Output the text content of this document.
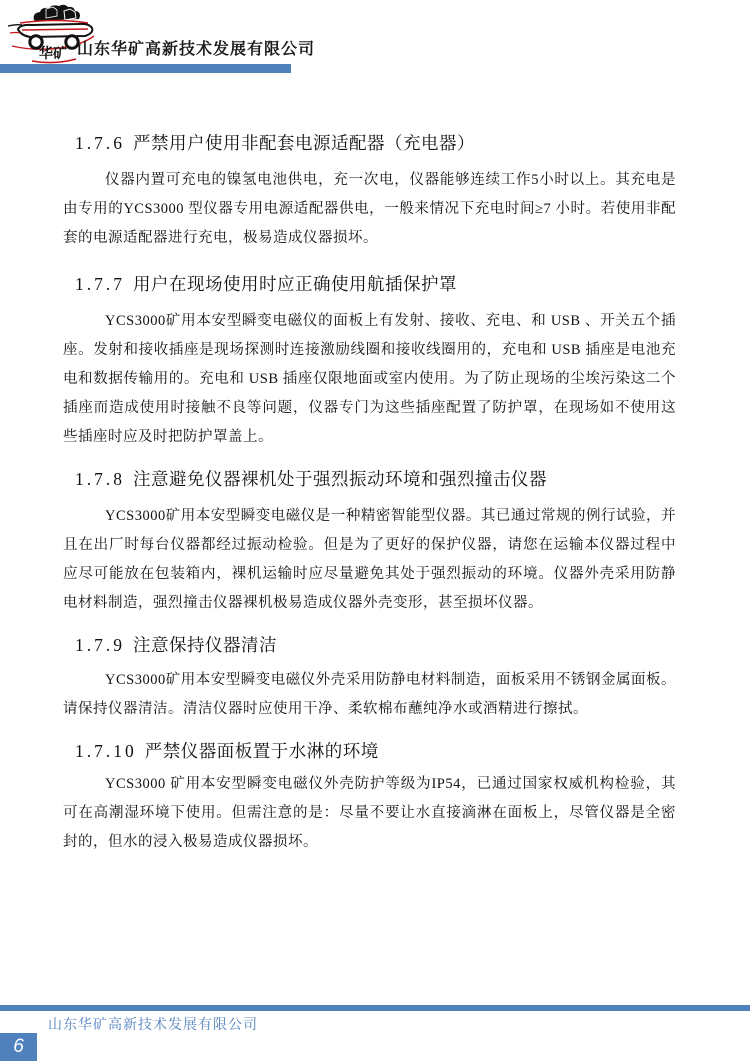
华矿 山东华矿高新技术发展有限公司
1.7.6 严禁用户使用非配套电源适配器（充电器）

仪器内置可充电的镍氢电池供电，充一次电，仪器能够连续工作5小时以上。其充电是由专用的YCS3000 型仪器专用电源适配器供电，一般来情况下充电时间≥7 小时。若使用非配套的电源适配器进行充电，极易造成仪器损坏。

1.7.7 用户在现场使用时应正确使用航插保护罩

YCS3000矿用本安型瞬变电磁仪的面板上有发射、接收、充电、和 USB 、开关五个插座。发射和接收插座是现场探测时连接激励线圈和接收线圈用的，充电和 USB 插座是电池充电和数据传输用的。充电和 USB 插座仅限地面或室内使用。为了防止现场的尘埃污染这二个插座而造成使用时接触不良等问题，仪器专门为这些插座配置了防护罩，在现场如不使用这些插座时应及时把防护罩盖上。

1.7.8 注意避免仪器裸机处于强烈振动环境和强烈撞击仪器

YCS3000矿用本安型瞬变电磁仪是一种精密智能型仪器。其已通过常规的例行试验，并且在出厂时每台仪器都经过振动检验。但是为了更好的保护仪器，请您在运输本仪器过程中应尽可能放在包装箱内，裸机运输时应尽量避免其处于强烈振动的环境。仪器外壳采用防静电材料制造，强烈撞击仪器裸机极易造成仪器外壳变形，甚至损坏仪器。

1.7.9 注意保持仪器清洁

YCS3000矿用本安型瞬变电磁仪外壳采用防静电材料制造，面板采用不锈钢金属面板。请保持仪器清洁。清洁仪器时应使用干净、柔软棉布蘸纯净水或酒精进行擦拭。

1.7.10 严禁仪器面板置于水淋的环境

YCS3000 矿用本安型瞬变电磁仪外壳防护等级为IP54，已通过国家权威机构检验，其可在高潮湿环境下使用。但需注意的是：尽量不要让水直接滴淋在面板上，尽管仪器是全密封的，但水的浸入极易造成仪器损坏。

山东华矿高新技术发展有限公司
6
